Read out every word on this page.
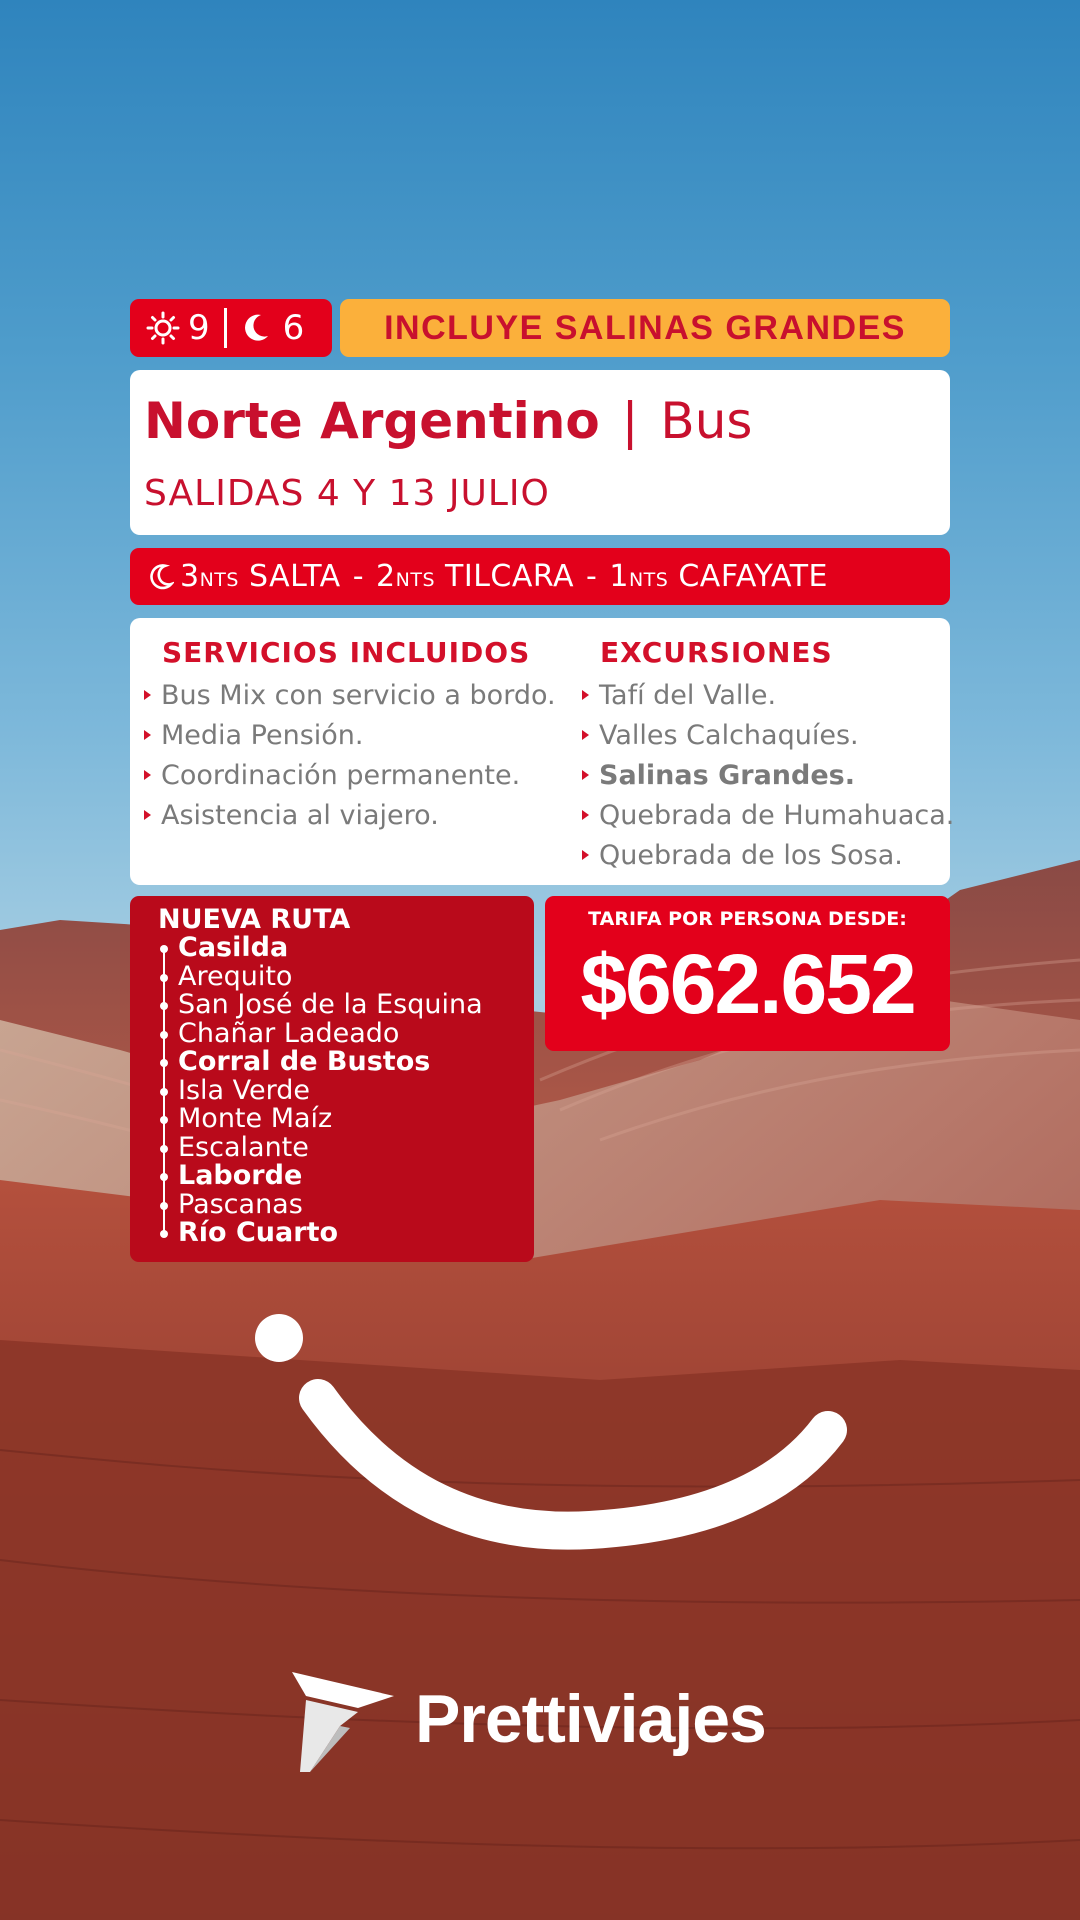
9 6 INCLUYE SALINAS GRANDES
Norte Argentino | Bus
SALIDAS 4 Y 13 JULIO
3NTS SALTA - 2NTS TILCARA - 1NTS CAFAYATE
SERVICIOS INCLUIDOS
Bus Mix con servicio a bordo.
Media Pensión.
Coordinación permanente.
Asistencia al viajero.
EXCURSIONES
Tafí del Valle.
Valles Calchaquíes.
Salinas Grandes.
Quebrada de Humahuaca.
Quebrada de los Sosa.
NUEVA RUTA
Casilda
Arequito
San José de la Esquina
Chañar Ladeado
Corral de Bustos
Isla Verde
Monte Maíz
Escalante
Laborde
Pascanas
Río Cuarto
TARIFA POR PERSONA DESDE:
$662.652
Prettiviajes
